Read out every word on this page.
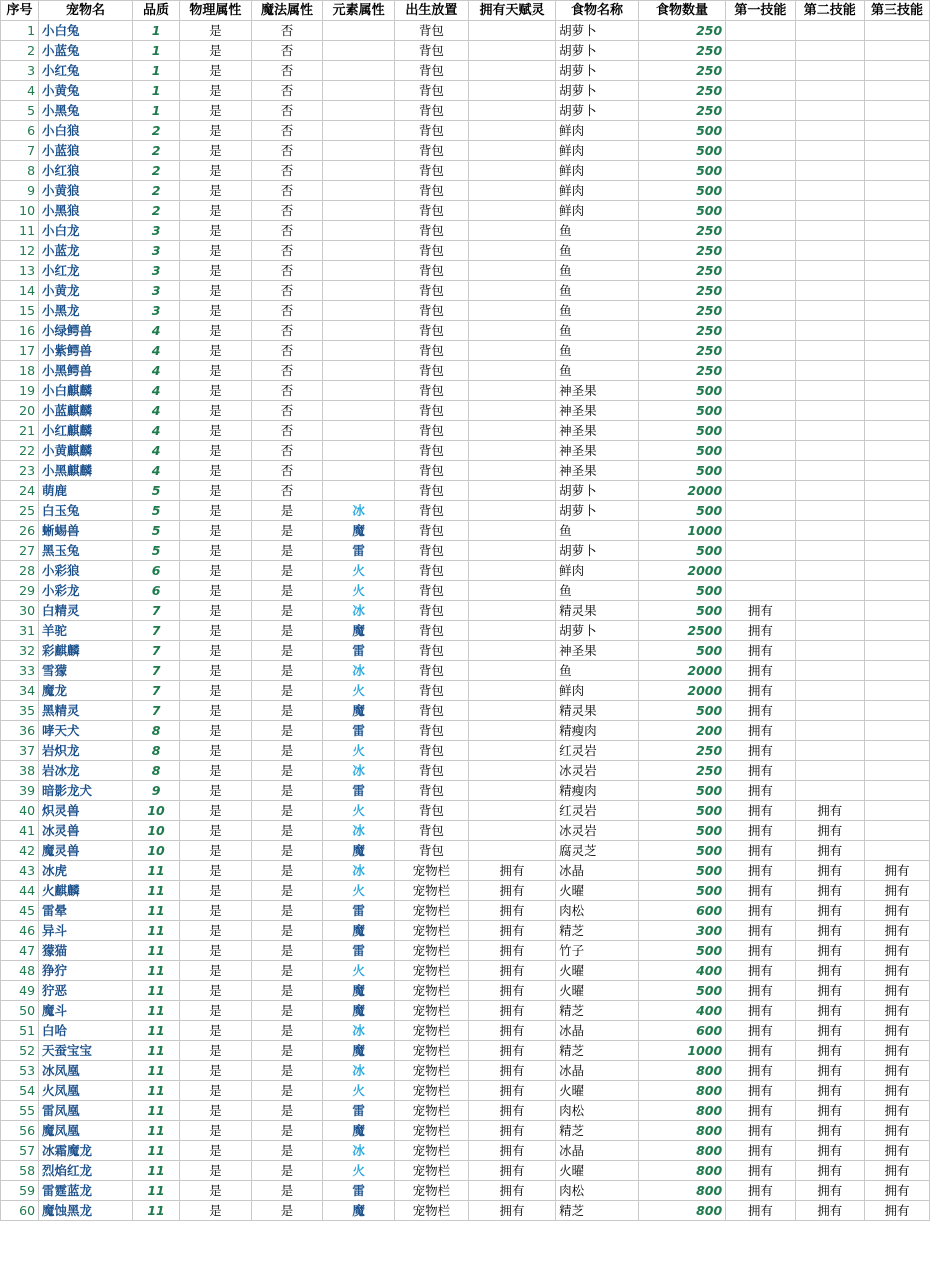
序号	宠物名	品质	物理属性	魔法属性	元素属性	出生放置	拥有天赋灵	食物名称	食物数量	第一技能	第二技能	第三技能
1	小白兔	1	是	否		背包		胡萝卜	250			
2	小蓝兔	1	是	否		背包		胡萝卜	250			
3	小红兔	1	是	否		背包		胡萝卜	250			
4	小黄兔	1	是	否		背包		胡萝卜	250			
5	小黑兔	1	是	否		背包		胡萝卜	250			
6	小白狼	2	是	否		背包		鲜肉	500			
7	小蓝狼	2	是	否		背包		鲜肉	500			
8	小红狼	2	是	否		背包		鲜肉	500			
9	小黄狼	2	是	否		背包		鲜肉	500			
10	小黑狼	2	是	否		背包		鲜肉	500			
11	小白龙	3	是	否		背包		鱼	250			
12	小蓝龙	3	是	否		背包		鱼	250			
13	小红龙	3	是	否		背包		鱼	250			
14	小黄龙	3	是	否		背包		鱼	250			
15	小黑龙	3	是	否		背包		鱼	250			
16	小绿鳄兽	4	是	否		背包		鱼	250			
17	小紫鳄兽	4	是	否		背包		鱼	250			
18	小黑鳄兽	4	是	否		背包		鱼	250			
19	小白麒麟	4	是	否		背包		神圣果	500			
20	小蓝麒麟	4	是	否		背包		神圣果	500			
21	小红麒麟	4	是	否		背包		神圣果	500			
22	小黄麒麟	4	是	否		背包		神圣果	500			
23	小黑麒麟	4	是	否		背包		神圣果	500			
24	萌鹿	5	是	否		背包		胡萝卜	2000			
25	白玉兔	5	是	是	冰	背包		胡萝卜	500			
26	蜥蜴兽	5	是	是	魔	背包		鱼	1000			
27	黑玉兔	5	是	是	雷	背包		胡萝卜	500			
28	小彩狼	6	是	是	火	背包		鲜肉	2000			
29	小彩龙	6	是	是	火	背包		鱼	500			
30	白精灵	7	是	是	冰	背包		精灵果	500	拥有		
31	羊驼	7	是	是	魔	背包		胡萝卜	2500	拥有		
32	彩麒麟	7	是	是	雷	背包		神圣果	500	拥有		
33	雪獴	7	是	是	冰	背包		鱼	2000	拥有		
34	魔龙	7	是	是	火	背包		鲜肉	2000	拥有		
35	黑精灵	7	是	是	魔	背包		精灵果	500	拥有		
36	哮天犬	8	是	是	雷	背包		精瘦肉	200	拥有		
37	岩炽龙	8	是	是	火	背包		红灵岩	250	拥有		
38	岩冰龙	8	是	是	冰	背包		冰灵岩	250	拥有		
39	暗影龙犬	9	是	是	雷	背包		精瘦肉	500	拥有		
40	炽灵兽	10	是	是	火	背包		红灵岩	500	拥有	拥有	
41	冰灵兽	10	是	是	冰	背包		冰灵岩	500	拥有	拥有	
42	魔灵兽	10	是	是	魔	背包		腐灵芝	500	拥有	拥有	
43	冰虎	11	是	是	冰	宠物栏	拥有	冰晶	500	拥有	拥有	拥有
44	火麒麟	11	是	是	火	宠物栏	拥有	火曜	500	拥有	拥有	拥有
45	雷晕	11	是	是	雷	宠物栏	拥有	肉松	600	拥有	拥有	拥有
46	异斗	11	是	是	魔	宠物栏	拥有	精芝	300	拥有	拥有	拥有
47	獴猫	11	是	是	雷	宠物栏	拥有	竹子	500	拥有	拥有	拥有
48	狰狞	11	是	是	火	宠物栏	拥有	火曜	400	拥有	拥有	拥有
49	狞恶	11	是	是	魔	宠物栏	拥有	火曜	500	拥有	拥有	拥有
50	魔斗	11	是	是	魔	宠物栏	拥有	精芝	400	拥有	拥有	拥有
51	白哈	11	是	是	冰	宠物栏	拥有	冰晶	600	拥有	拥有	拥有
52	天蚕宝宝	11	是	是	魔	宠物栏	拥有	精芝	1000	拥有	拥有	拥有
53	冰凤凰	11	是	是	冰	宠物栏	拥有	冰晶	800	拥有	拥有	拥有
54	火凤凰	11	是	是	火	宠物栏	拥有	火曜	800	拥有	拥有	拥有
55	雷凤凰	11	是	是	雷	宠物栏	拥有	肉松	800	拥有	拥有	拥有
56	魔凤凰	11	是	是	魔	宠物栏	拥有	精芝	800	拥有	拥有	拥有
57	冰霜魔龙	11	是	是	冰	宠物栏	拥有	冰晶	800	拥有	拥有	拥有
58	烈焰红龙	11	是	是	火	宠物栏	拥有	火曜	800	拥有	拥有	拥有
59	雷霆蓝龙	11	是	是	雷	宠物栏	拥有	肉松	800	拥有	拥有	拥有
60	魔蚀黑龙	11	是	是	魔	宠物栏	拥有	精芝	800	拥有	拥有	拥有
